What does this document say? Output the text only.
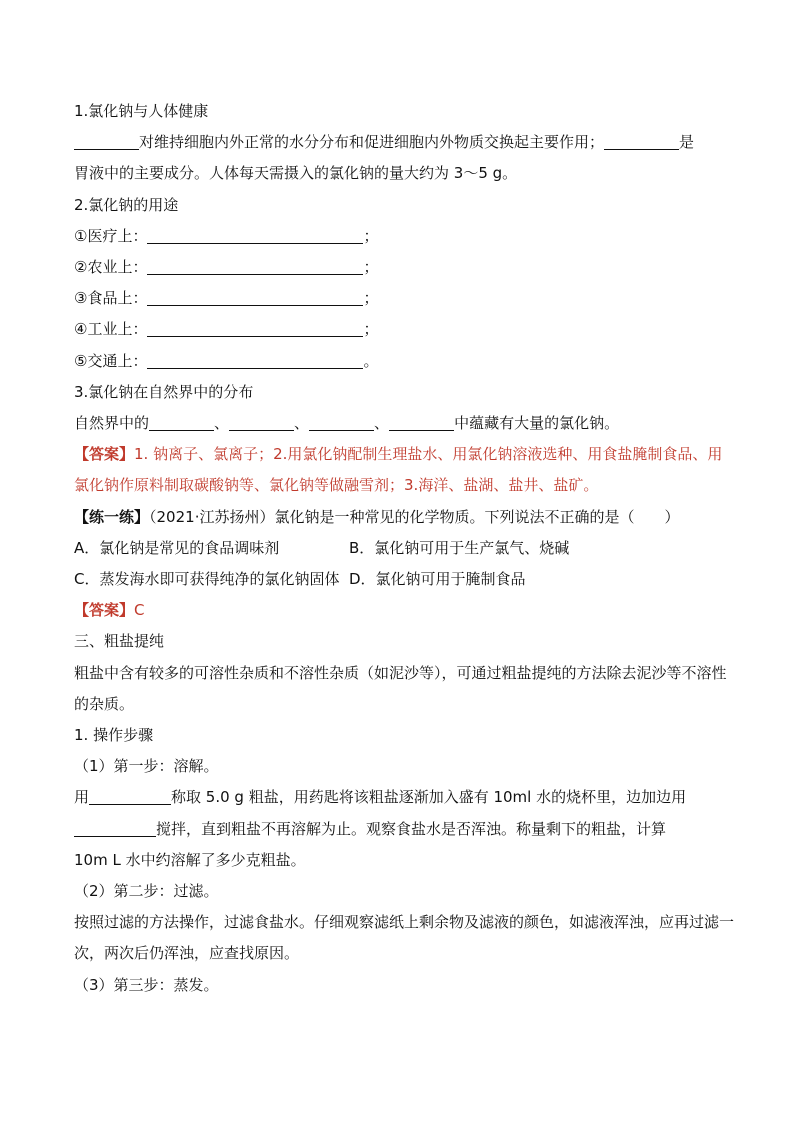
1.氯化钠与人体健康
对维持细胞内外正常的水分分布和促进细胞内外物质交换起主要作用；	是
胃液中的主要成分。人体每天需摄入的氯化钠的量大约为 3～5 g。
2.氯化钠的用途
①医疗上：	；
②农业上：	；
③食品上：	；
④工业上：	；
⑤交通上：	。
3.氯化钠在自然界中的分布
自然界中的	、	、	、	中蕴藏有大量的氯化钠。
【答案】1. 钠离子、氯离子；2.用氯化钠配制生理盐水、用氯化钠溶液选种、用食盐腌制食品、用氯化钠作原料制取碳酸钠等、氯化钠等做融雪剂；3.海洋、盐湖、盐井、盐矿。
【练一练】（2021·江苏扬州）氯化钠是一种常见的化学物质。下列说法不正确的是（ ）
A．氯化钠是常见的食品调味剂	B．氯化钠可用于生产氯气、烧碱
C．蒸发海水即可获得纯净的氯化钠固体 D．氯化钠可用于腌制食品
【答案】C
三、粗盐提纯
粗盐中含有较多的可溶性杂质和不溶性杂质（如泥沙等），可通过粗盐提纯的方法除去泥沙等不溶性的杂质。
1. 操作步骤
（1）第一步：溶解。
用	称取 5.0 g 粗盐，用药匙将该粗盐逐渐加入盛有 10ml 水的烧杯里，边加边用
搅拌，直到粗盐不再溶解为止。观察食盐水是否浑浊。称量剩下的粗盐，计算
10m L 水中约溶解了多少克粗盐。
（2）第二步：过滤。
按照过滤的方法操作，过滤食盐水。仔细观察滤纸上剩余物及滤液的颜色，如滤液浑浊，应再过滤一次，两次后仍浑浊，应查找原因。
（3）第三步：蒸发。
